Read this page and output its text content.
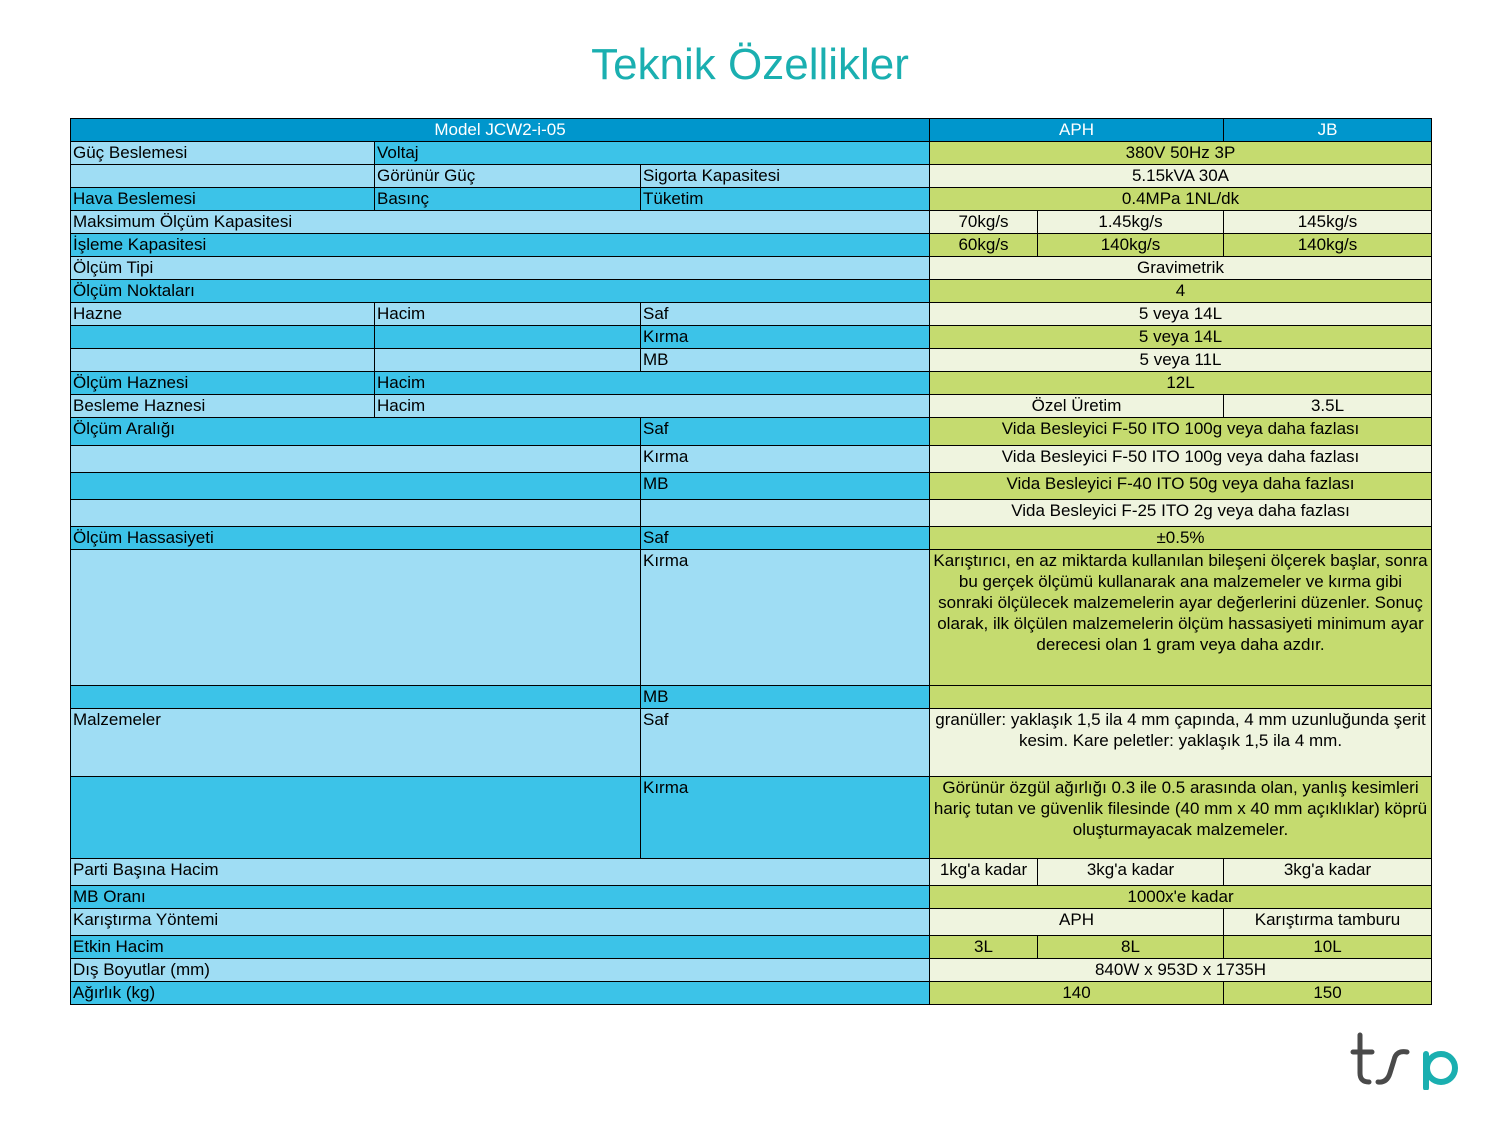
Teknik Özellikler
Model JCW2-i-05			APH		JB
Güç Beslemesi	Voltaj		380V 50Hz 3P		
	Görünür Güç	Sigorta Kapasitesi	5.15kVA 30A		
Hava Beslemesi	Basınç	Tüketim	0.4MPa 1NL/dk		
Maksimum Ölçüm Kapasitesi			70kg/s	1.45kg/s	145kg/s
İşleme Kapasitesi			60kg/s	140kg/s	140kg/s
Ölçüm Tipi			Gravimetrik		
Ölçüm Noktaları			4		
Hazne	Hacim	Saf	5 veya 14L		
		Kırma	5 veya 14L		
		MB	5 veya 11L		
Ölçüm Haznesi	Hacim		12L		
Besleme Haznesi	Hacim		Özel Üretim		3.5L
Ölçüm Aralığı		Saf	Vida Besleyici F-50 ITO 100g veya daha fazlası		
		Kırma	Vida Besleyici F-50 ITO 100g veya daha fazlası		
		MB	Vida Besleyici F-40 ITO 50g veya daha fazlası		
			Vida Besleyici F-25 ITO 2g veya daha fazlası		
Ölçüm Hassasiyeti		Saf	±0.5%		
		Kırma	Karıştırıcı, en az miktarda kullanılan bileşeni ölçerek başlar, sonra bu gerçek ölçümü kullanarak ana malzemeler ve kırma gibi sonraki ölçülecek malzemelerin ayar değerlerini düzenler. Sonuç olarak, ilk ölçülen malzemelerin ölçüm hassasiyeti minimum ayar derecesi olan 1 gram veya daha azdır.		
		MB			
Malzemeler		Saf	granüller: yaklaşık 1,5 ila 4 mm çapında, 4 mm uzunluğunda şerit kesim. Kare peletler: yaklaşık 1,5 ila 4 mm.		
		Kırma	Görünür özgül ağırlığı 0.3 ile 0.5 arasında olan, yanlış kesimleri hariç tutan ve güvenlik filesinde (40 mm x 40 mm açıklıklar) köprü oluşturmayacak malzemeler.		
Parti Başına Hacim			1kg'a kadar	3kg'a kadar	3kg'a kadar
MB Oranı			1000x'e kadar		
Karıştırma Yöntemi			APH		Karıştırma tamburu
Etkin Hacim			3L	8L	10L
Dış Boyutlar (mm)			840W x 953D x 1735H		
Ağırlık (kg)			140		150
